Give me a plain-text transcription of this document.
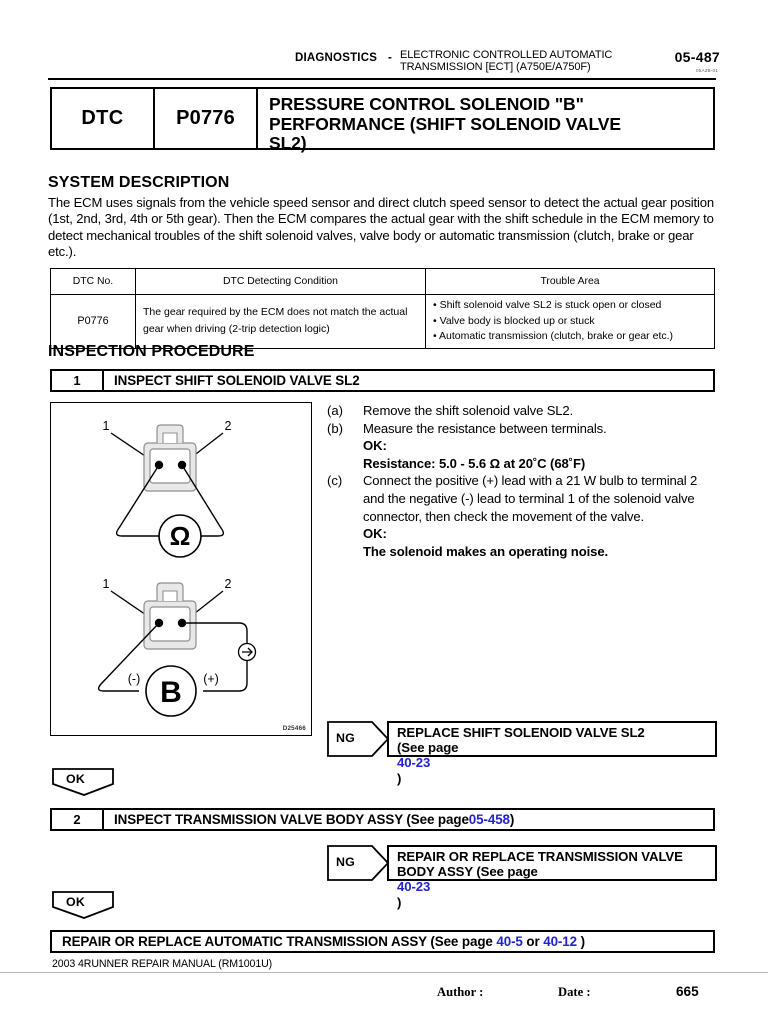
DIAGNOSTICS - ELECTRONIC CONTROLLED AUTOMATIC
TRANSMISSION [ECT] (A750E/A750F)
05-487
05A2B-01
DTC	P0776
PRESSURE CONTROL SOLENOID "B"
PERFORMANCE (SHIFT SOLENOID VALVE
SL2)
SYSTEM DESCRIPTION
The ECM uses signals from the vehicle speed sensor and direct clutch speed sensor to detect the actual gear position (1st, 2nd, 3rd, 4th or 5th gear). Then the ECM compares the actual gear with the shift schedule in the ECM memory to detect mechanical troubles of the shift solenoid valves, valve body or automatic transmission (clutch, brake or gear etc.).
DTC No.	DTC Detecting Condition	Trouble Area
P0776	The gear required by the ECM does not match the actual gear when driving (2-trip detection logic)	• Shift solenoid valve SL2 is stuck open or closed
• Valve body is blocked up or stuck
• Automatic transmission (clutch, brake or gear etc.)
INSPECTION PROCEDURE
1	INSPECT SHIFT SOLENOID VALVE SL2
Ω
1	2
B
(-)	(+)
1	2
D25466
(a)	Remove the shift solenoid valve SL2.
(b)	Measure the resistance between terminals.
OK:
Resistance: 5.0 - 5.6 Ω at 20˚C (68˚F)
(c)	Connect the positive (+) lead with a 21 W bulb to terminal 2 and the negative (-) lead to terminal 1 of the solenoid valve connector, then check the movement of the valve.
OK:
The solenoid makes an operating noise.
NG	REPLACE SHIFT SOLENOID VALVE SL2
(See page
40-23
)
OK
2	INSPECT TRANSMISSION VALVE BODY ASSY (See page 05-458 )
NG	REPAIR OR REPLACE TRANSMISSION VALVE
BODY ASSY (See page
40-23
)
OK
REPAIR OR REPLACE AUTOMATIC TRANSMISSION ASSY (See page 40-5 or 40-12 )
2003 4RUNNER REPAIR MANUAL (RM1001U)
Author :	Date :	665
